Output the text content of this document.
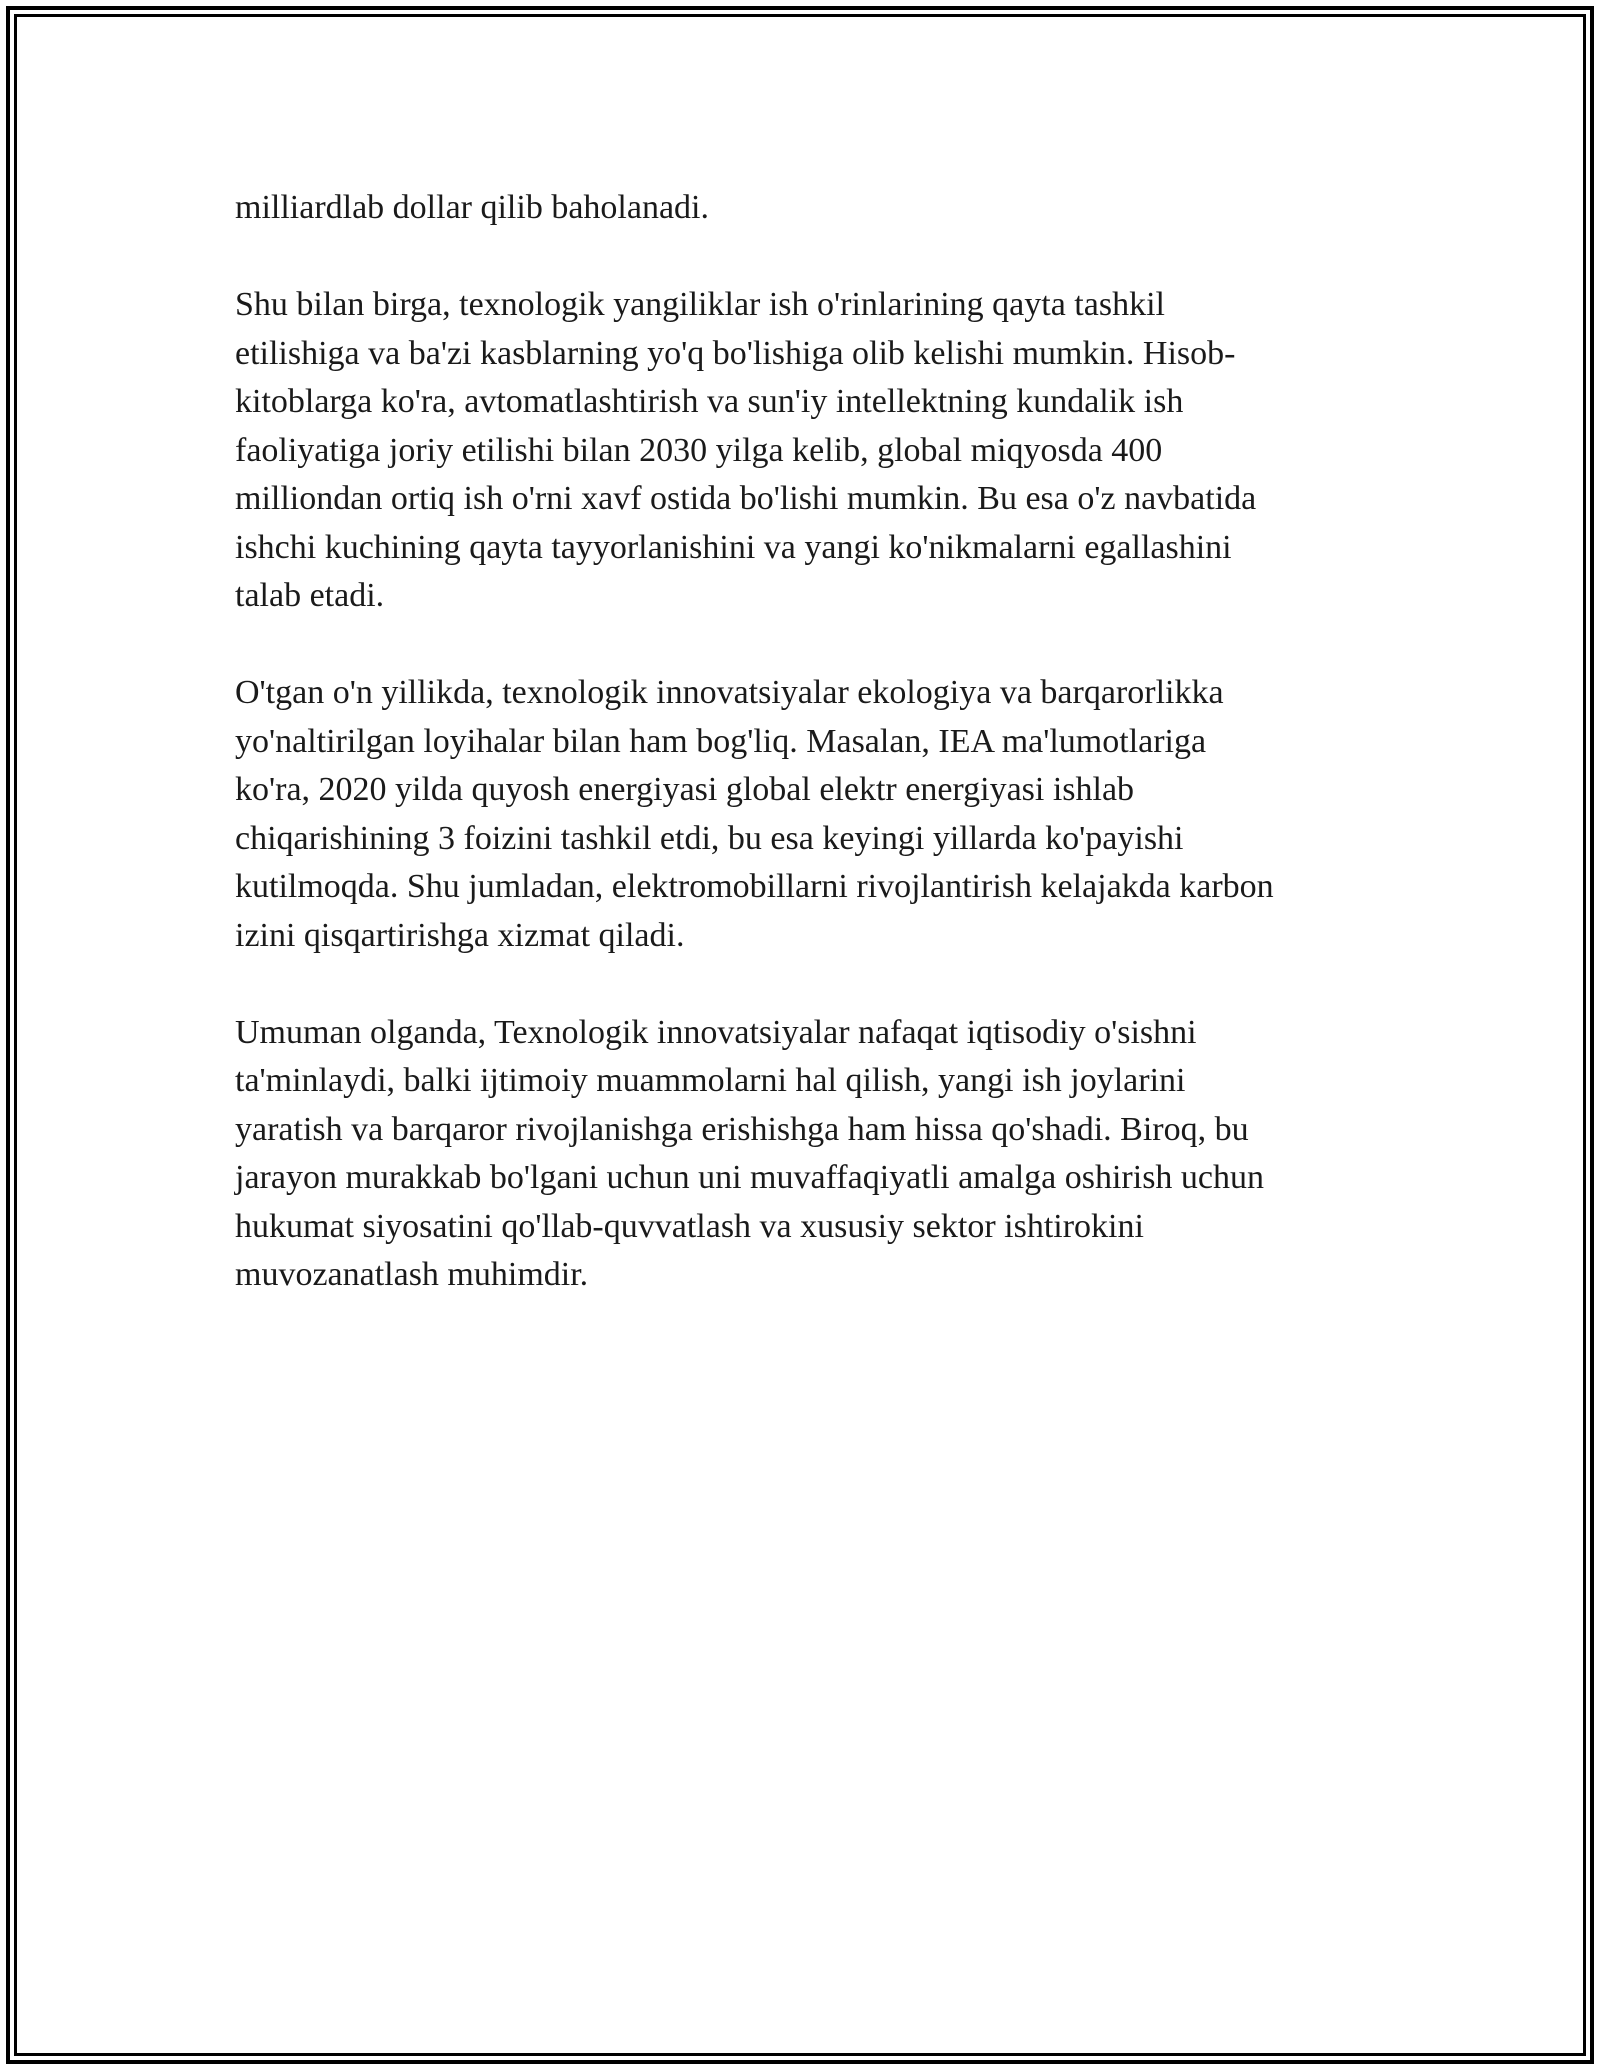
milliardlab dollar qilib baholanadi.

Shu bilan birga, texnologik yangiliklar ish o'rinlarining qayta tashkil
etilishiga va ba'zi kasblarning yo'q bo'lishiga olib kelishi mumkin. Hisob-
kitoblarga ko'ra, avtomatlashtirish va sun'iy intellektning kundalik ish
faoliyatiga joriy etilishi bilan 2030 yilga kelib, global miqyosda 400
milliondan ortiq ish o'rni xavf ostida bo'lishi mumkin. Bu esa o'z navbatida
ishchi kuchining qayta tayyorlanishini va yangi ko'nikmalarni egallashini
talab etadi.

O'tgan o'n yillikda, texnologik innovatsiyalar ekologiya va barqarorlikka
yo'naltirilgan loyihalar bilan ham bog'liq. Masalan, IEA ma'lumotlariga
ko'ra, 2020 yilda quyosh energiyasi global elektr energiyasi ishlab
chiqarishining 3 foizini tashkil etdi, bu esa keyingi yillarda ko'payishi
kutilmoqda. Shu jumladan, elektromobillarni rivojlantirish kelajakda karbon
izini qisqartirishga xizmat qiladi.

Umuman olganda, Texnologik innovatsiyalar nafaqat iqtisodiy o'sishni
ta'minlaydi, balki ijtimoiy muammolarni hal qilish, yangi ish joylarini
yaratish va barqaror rivojlanishga erishishga ham hissa qo'shadi. Biroq, bu
jarayon murakkab bo'lgani uchun uni muvaffaqiyatli amalga oshirish uchun
hukumat siyosatini qo'llab-quvvatlash va xususiy sektor ishtirokini
muvozanatlash muhimdir.
